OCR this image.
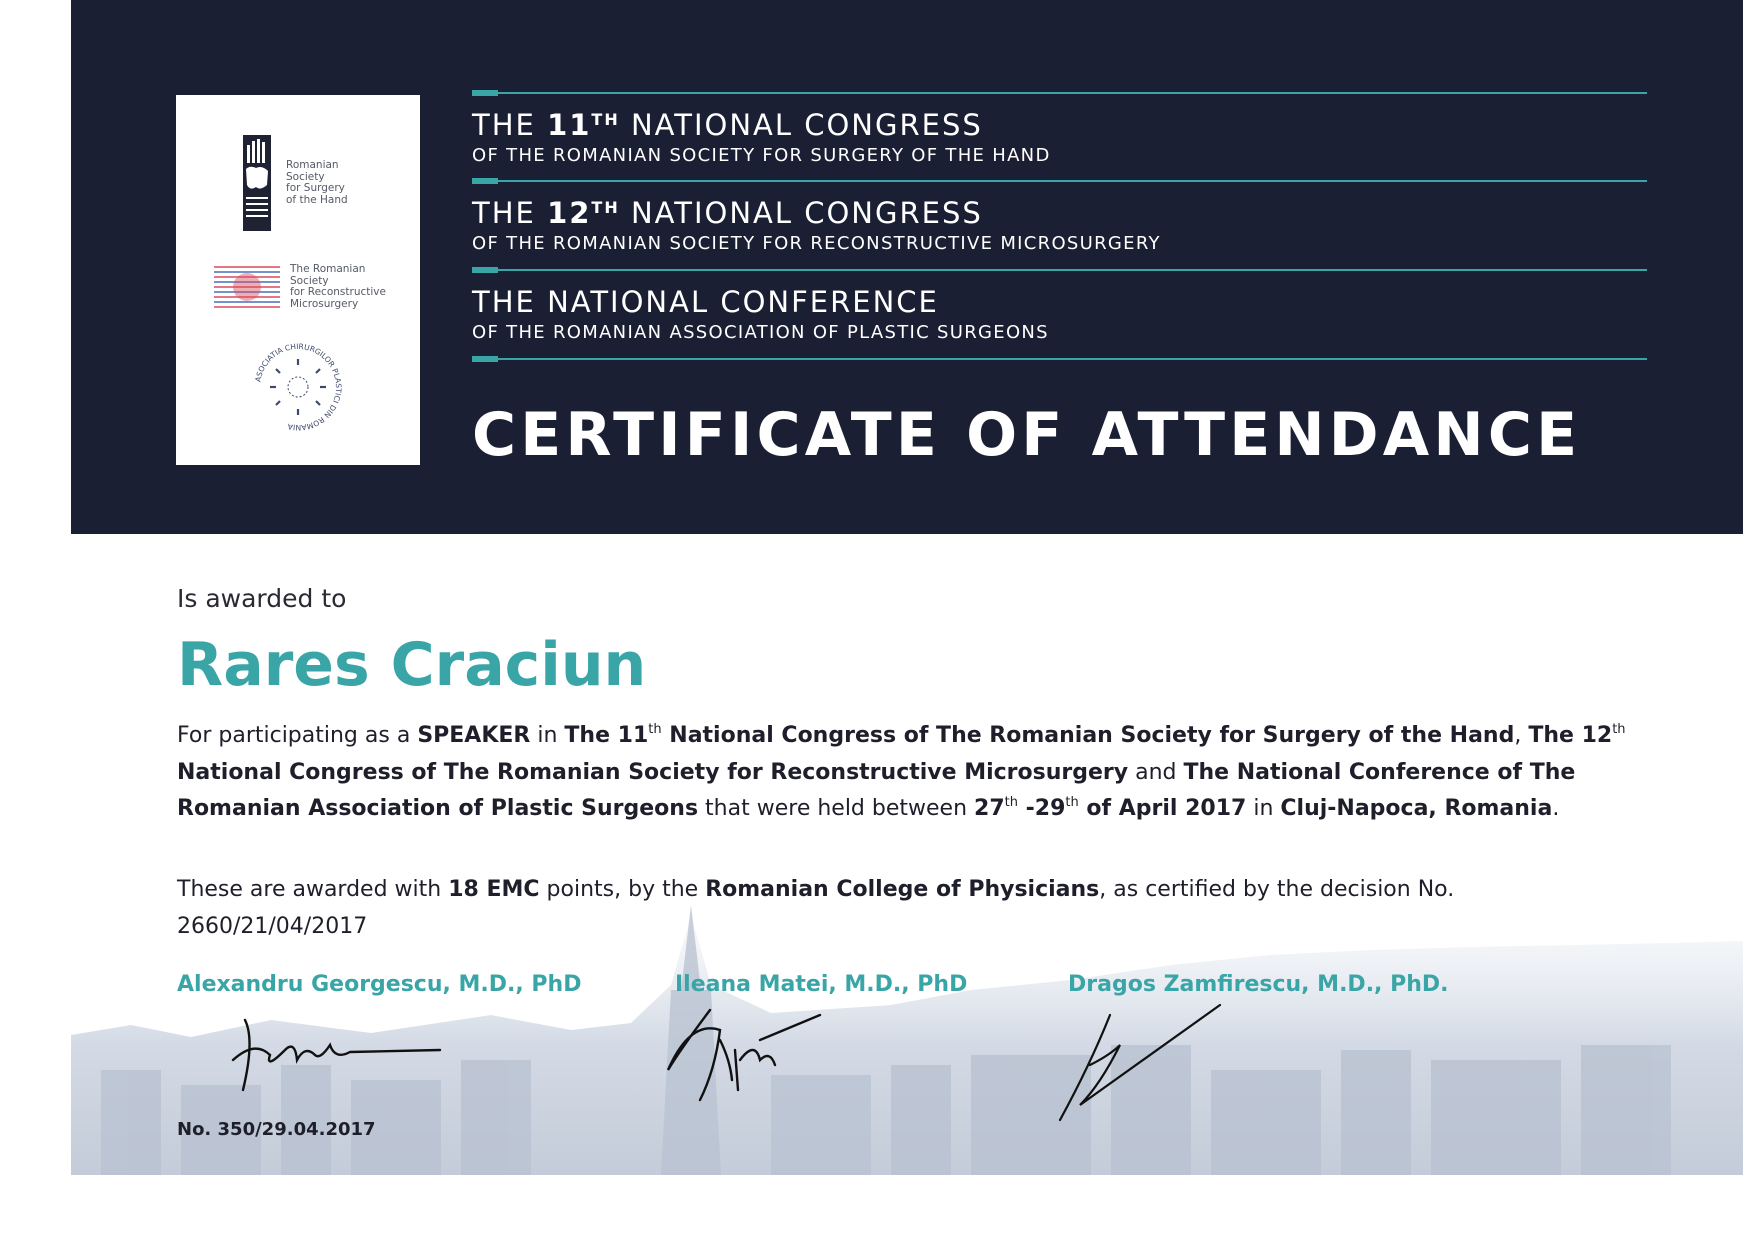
Romanian
Society
for Surgery
of the Hand
The Romanian
Society
for Reconstructive
Microsurgery
ASOCIATIA CHIRURGILOR PLASTICI DIN ROMANIA
THE 11TH NATIONAL CONGRESS
OF THE ROMANIAN SOCIETY FOR SURGERY OF THE HAND
THE 12TH NATIONAL CONGRESS
OF THE ROMANIAN SOCIETY FOR RECONSTRUCTIVE MICROSURGERY
THE NATIONAL CONFERENCE
OF THE ROMANIAN ASSOCIATION OF PLASTIC SURGEONS
CERTIFICATE OF ATTENDANCE
Is awarded to
Rares Craciun
For participating as a SPEAKER in The 11th National Congress of The Romanian Society for Surgery of the Hand, The 12th National Congress of The Romanian Society for Reconstructive Microsurgery and The National Conference of The Romanian Association of Plastic Surgeons that were held between 27th -29th of April 2017 in Cluj-Napoca, Romania.
These are awarded with 18 EMC points, by the Romanian College of Physicians, as certified by the decision No. 2660/21/04/2017
Alexandru Georgescu, M.D., PhD	Ileana Matei, M.D., PhD	Dragos Zamfirescu, M.D., PhD.
No. 350/29.04.2017
